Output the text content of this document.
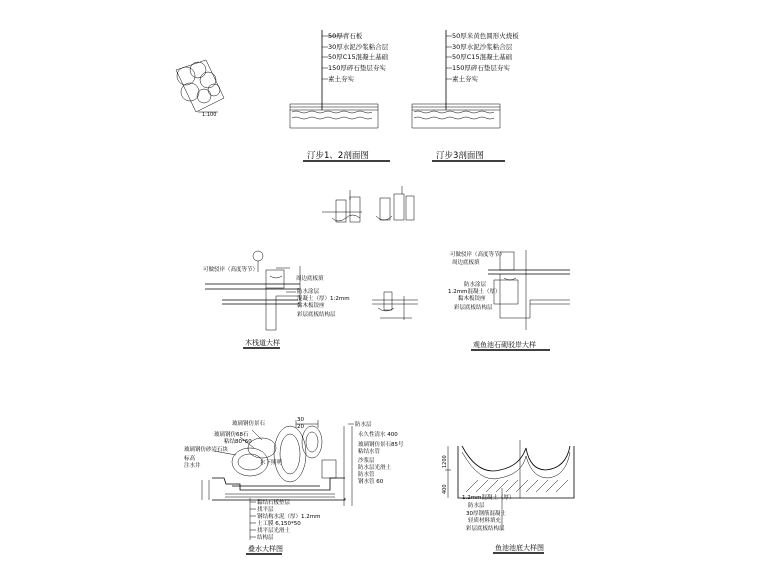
1:100
50厚青石板
30厚水泥沙浆粘合层
50厚C15混凝土基础
150厚碎石垫层夯实
素土夯实
汀步1、2剖面图
50厚米黄色圆形火烧板
30厚水泥沙浆粘合层
50厚C15混凝土基础
150厚碎石垫层夯实
素土夯实
汀步3剖面图
可做驳岸（高度等节）
周边底板填
防水涂层
混凝土（厚）1:2mm
黏木板铰座
彩层底板结构层
木栈道大样
可做驳岸（高度等节）
周边底板填
防水涂层
1.2mm混凝土（厚）
黏木板铰座
彩层底板结构层
观鱼池石砌驳岸大样
30
20
玻璃钢仿景石
玻璃钢仿68石
粘结80*60
玻璃钢仿砂岩石块
标高
注水井	水下照明
黏结石板垫层
找平层
钢结构水泥（厚）1.2mm
土工膜 6,150*50
找平层光滑土
结构层
防水层
永久性清水 400
玻璃钢仿景石85号
粘结水管
沙浆层
防水层光滑土
防水管
钢水管 60
叠水大样图
1200
400
1.2mm混凝土（厚）
防水层
30厚钢筋混凝土
轻质材料填充
彩层底板结构层
鱼池池底大样图
